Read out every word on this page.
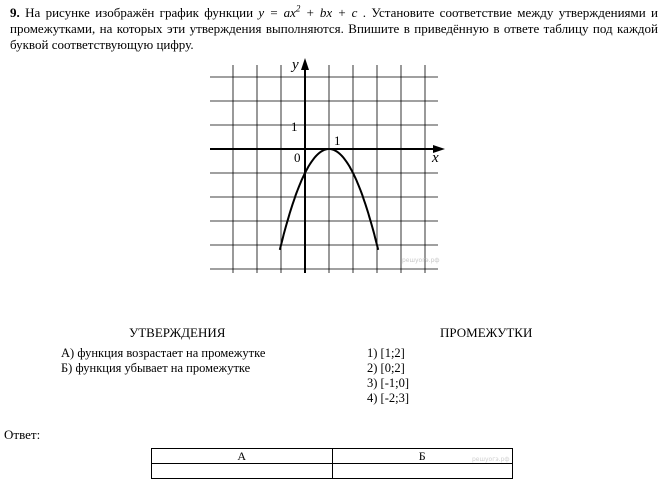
9. На рисунке изображён график функции $y = ax^2$ + bx + c . Установите соответствие между утверждениями и промежутками, на которых эти утверждения выполняются. Впишите в приведённую в ответе таблицу под каждой буквой соответствующую цифру.
x
y
1
1
0
решуогэ.рф
УТВЕРЖДЕНИЯ	ПРОМЕЖУТКИ
А) функция возрастает на промежутке
Б) функция убывает на промежутке
1) [1;2]
2) [0;2]
3) [-1;0]
4) [-2;3]
Ответ:
А	Б
		решуогэ.рф
